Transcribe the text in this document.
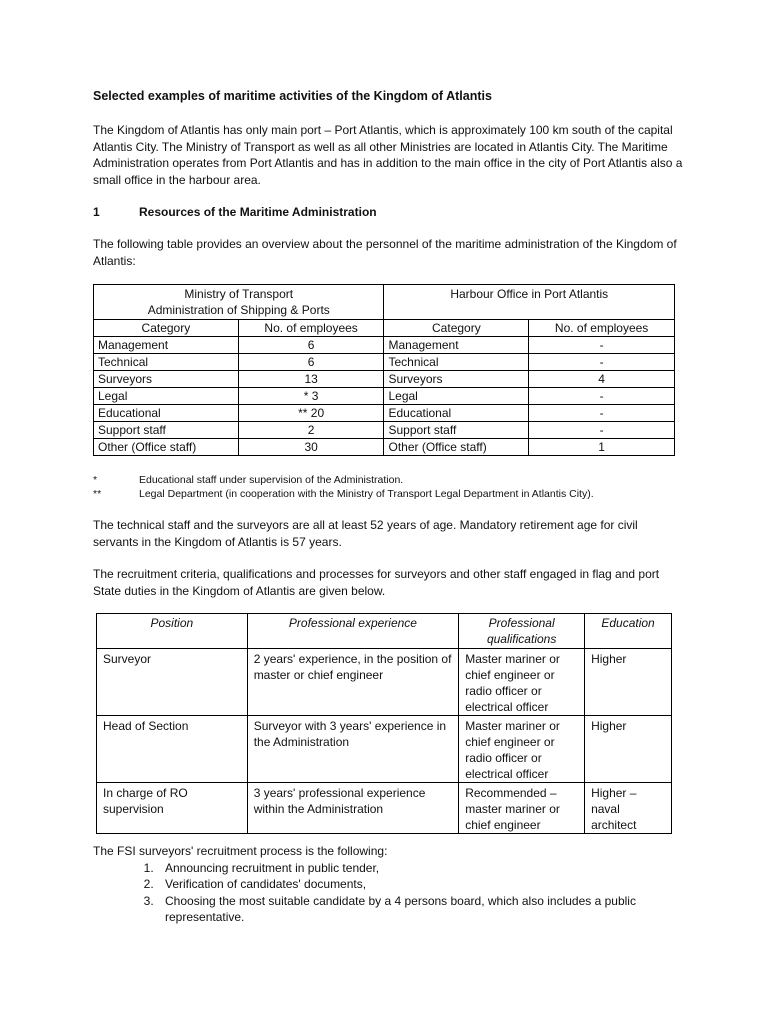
Selected examples of maritime activities of the Kingdom of Atlantis

The Kingdom of Atlantis has only main port – Port Atlantis, which is approximately 100 km south of the capital Atlantis City. The Ministry of Transport as well as all other Ministries are located in Atlantis City. The Maritime Administration operates from Port Atlantis and has in addition to the main office in the city of Port Atlantis also a small office in the harbour area.

1	Resources of the Maritime Administration

The following table provides an overview about the personnel of the maritime administration of the Kingdom of Atlantis:

Ministry of Transport
Administration of Shipping & Ports		Harbour Office in Port Atlantis	
Category	No. of employees	Category	No. of employees
Management	6	Management	-
Technical	6	Technical	-
Surveyors	13	Surveyors	4
Legal	* 3	Legal	-
Educational	** 20	Educational	-
Support staff	2	Support staff	-
Other (Office staff)	30	Other (Office staff)	1
*	Educational staff under supervision of the Administration.
**	Legal Department (in cooperation with the Ministry of Transport Legal Department in Atlantis City).

The technical staff and the surveyors are all at least 52 years of age. Mandatory retirement age for civil servants in the Kingdom of Atlantis is 57 years.

The recruitment criteria, qualifications and processes for surveyors and other staff engaged in flag and port State duties in the Kingdom of Atlantis are given below.

Position	Professional experience	Professional qualifications	Education
Surveyor	2 years' experience, in the position of master or chief engineer	Master mariner or chief engineer or radio officer or electrical officer	Higher
Head of Section	Surveyor with 3 years' experience in the Administration	Master mariner or chief engineer or radio officer or electrical officer	Higher
In charge of RO supervision	3 years' professional experience within the Administration	Recommended – master mariner or chief engineer	Higher – naval architect

The FSI surveyors' recruitment process is the following:

1. Announcing recruitment in public tender,
2. Verification of candidates' documents,
3. Choosing the most suitable candidate by a 4 persons board, which also includes a public representative.
